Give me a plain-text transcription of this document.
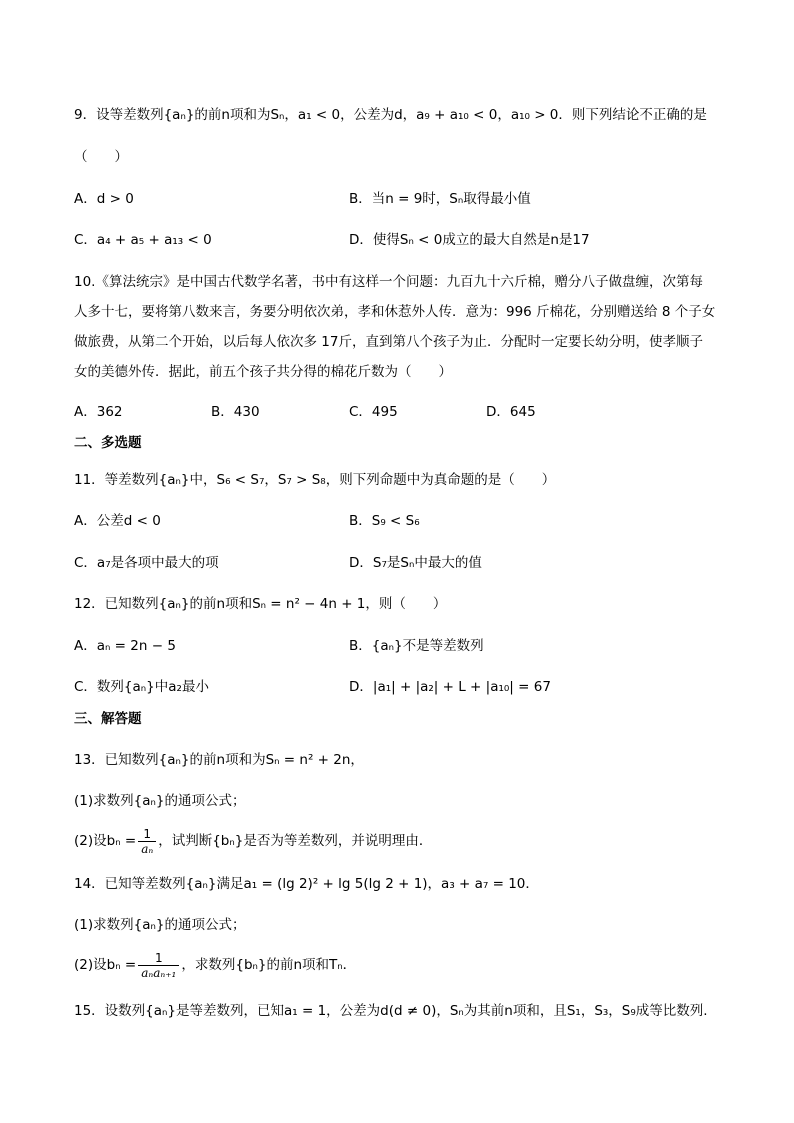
9．设等差数列{aₙ}的前n项和为Sₙ，a₁ < 0，公差为d，a₉ + a₁₀ < 0，a₁₀ > 0．则下列结论不正确的是
（　　）
A．d > 0	B．当n = 9时，Sₙ取得最小值
C．a₄ + a₅ + a₁₃ < 0	D．使得Sₙ < 0成立的最大自然是n是17
10.《算法统宗》是中国古代数学名著，书中有这样一个问题：九百九十六斤棉，赠分八子做盘缠，次第每
人多十七，要将第八数来言，务要分明依次弟，孝和休惹外人传．意为：996 斤棉花，分别赠送给 8 个子女
做旅费，从第二个开始，以后每人依次多 17斤，直到第八个孩子为止．分配时一定要长幼分明，使孝顺子
女的美德外传．据此，前五个孩子共分得的棉花斤数为（　　）
A．362	B．430	C．495	D．645
二、多选题
11．等差数列{aₙ}中，S₆ < S₇，S₇ > S₈，则下列命题中为真命题的是（　　）
A．公差d < 0	B．S₉ < S₆
C．a₇是各项中最大的项	D．S₇是Sₙ中最大的值
12．已知数列{aₙ}的前n项和Sₙ = n² − 4n + 1，则（　　）
A．aₙ = 2n − 5	B．{aₙ}不是等差数列
C．数列{aₙ}中a₂最小	D．|a₁| + |a₂| + L + |a₁₀| = 67
三、解答题
13．已知数列{aₙ}的前n项和为Sₙ = n² + 2n，
(1)求数列{aₙ}的通项公式；
(2)设$b_n = \frac{1}{\text{aₙ}}$ ，试判断{bₙ}是否为等差数列，并说明理由．
14．已知等差数列{aₙ}满足a₁ = (lg 2)² + lg 5(lg 2 + 1)，a₃ + a₇ = 10．
(1)求数列{aₙ}的通项公式；
(2)设$b_n = \frac{1}{\text{aₙaₙ₊₁}}$ ，求数列{bₙ}的前n项和Tₙ．
15．设数列{aₙ}是等差数列，已知a₁ = 1，公差为d(d ≠ 0)，Sₙ为其前n项和，且S₁，S₃，S₉成等比数列.
